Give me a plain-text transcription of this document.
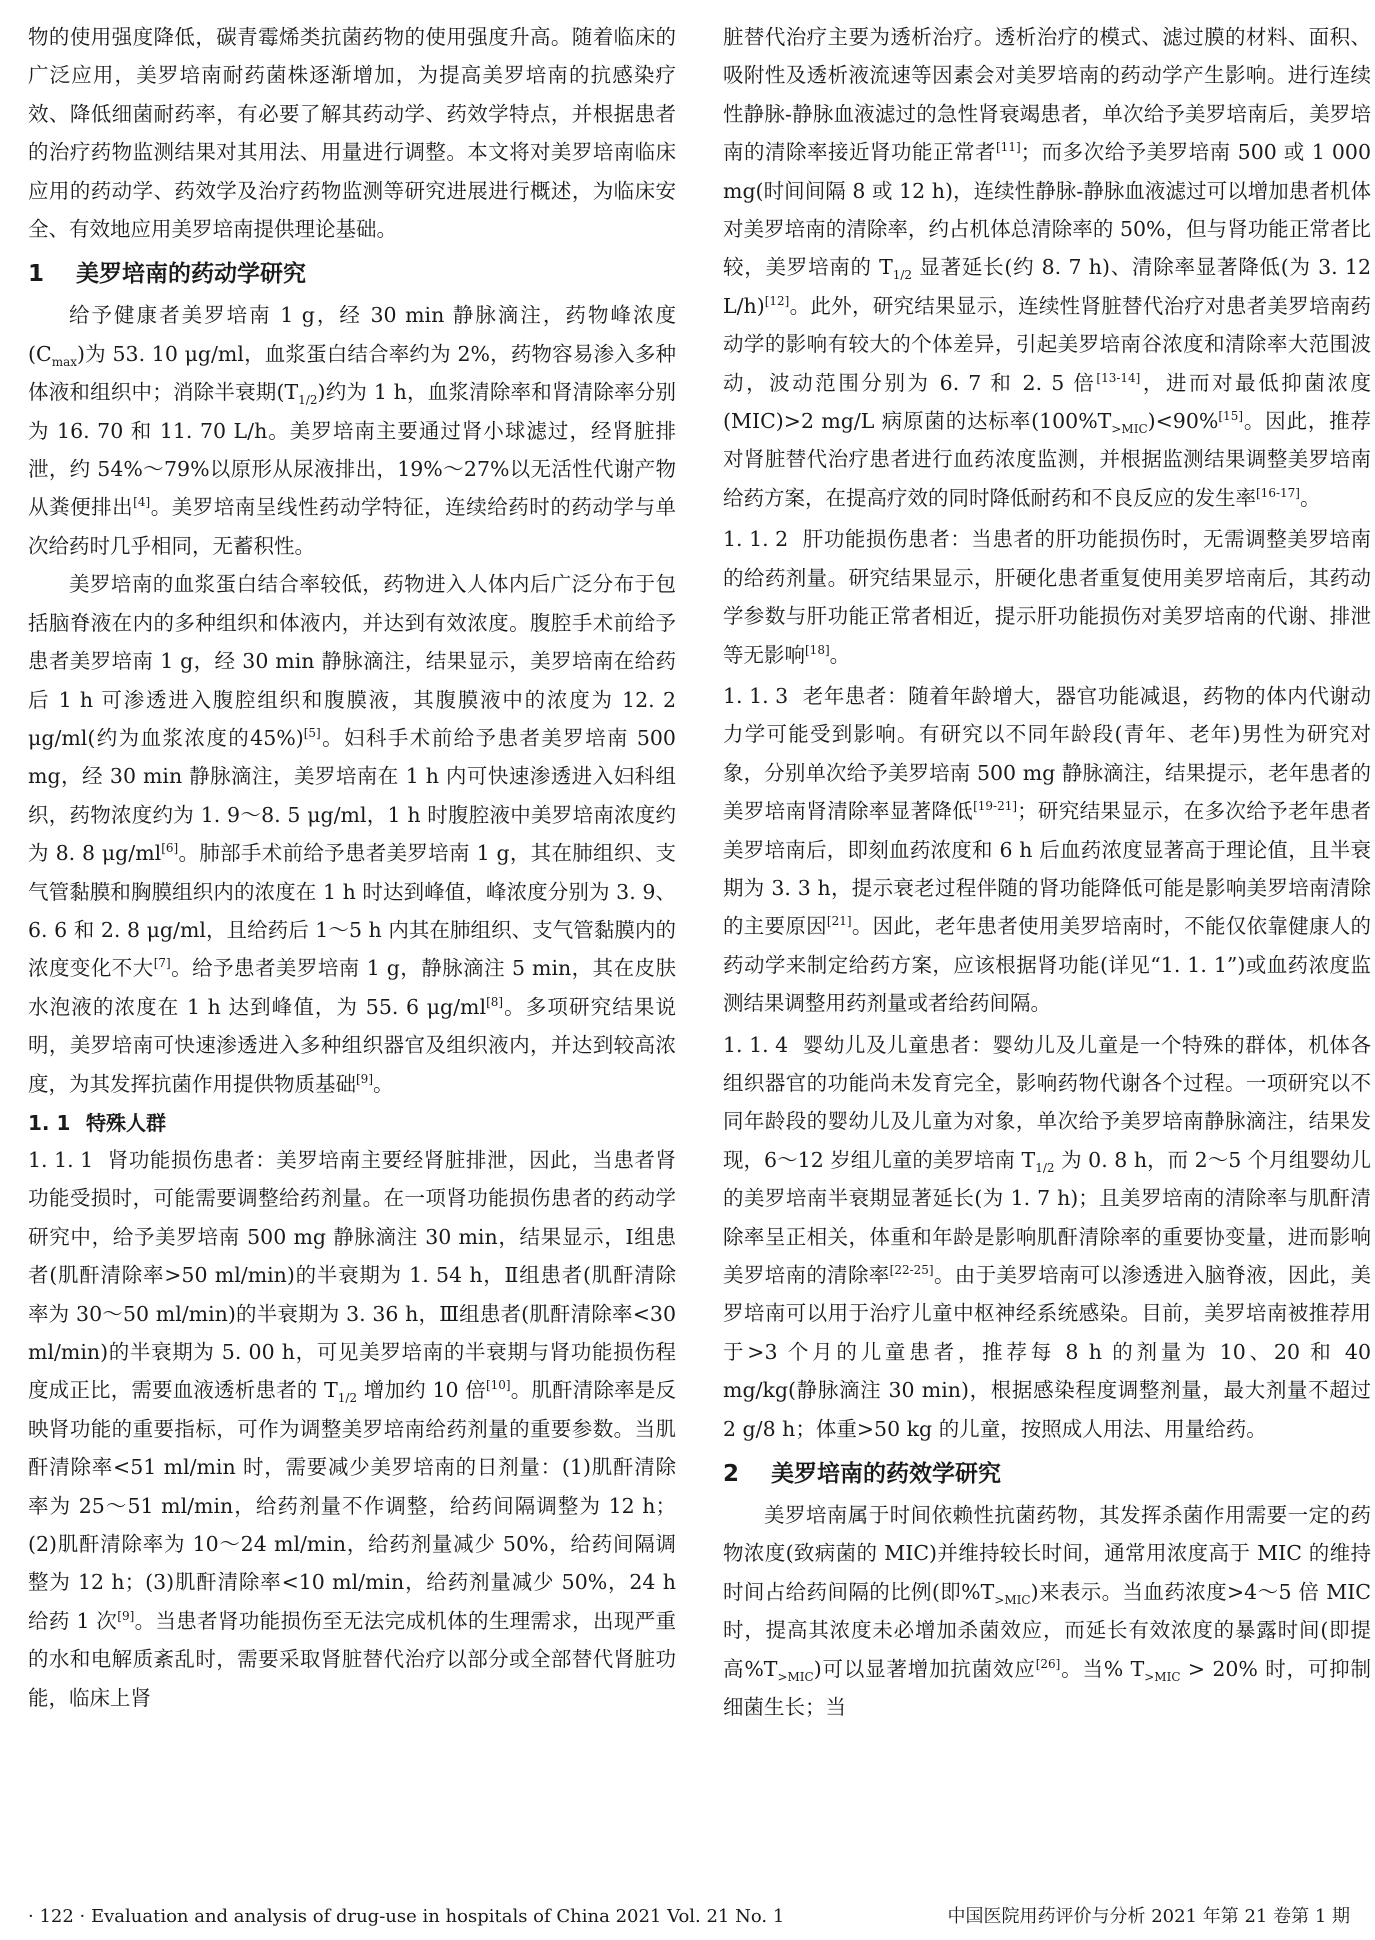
物的使用强度降低，碳青霉烯类抗菌药物的使用强度升高。随着临床的广泛应用，美罗培南耐药菌株逐渐增加，为提高美罗培南的抗感染疗效、降低细菌耐药率，有必要了解其药动学、药效学特点，并根据患者的治疗药物监测结果对其用法、用量进行调整。本文将对美罗培南临床应用的药动学、药效学及治疗药物监测等研究进展进行概述，为临床安全、有效地应用美罗培南提供理论基础。

1 美罗培南的药动学研究

给予健康者美罗培南 1 g，经 30 min 静脉滴注，药物峰浓度$(C_{max})$为 53. 10 μg/ml，血浆蛋白结合率约为 2%，药物容易渗入多种体液和组织中；消除半衰期$(T_{1/2})$约为 1 h，血浆清除率和肾清除率分别为 16. 70 和 11. 70 L/h。美罗培南主要通过肾小球滤过，经肾脏排泄，约 54%～79%以原形从尿液排出，19%～27%以无活性代谢产物从粪便排出[4]。美罗培南呈线性药动学特征，连续给药时的药动学与单次给药时几乎相同，无蓄积性。

美罗培南的血浆蛋白结合率较低，药物进入人体内后广泛分布于包括脑脊液在内的多种组织和体液内，并达到有效浓度。腹腔手术前给予患者美罗培南 1 g，经 30 min 静脉滴注，结果显示，美罗培南在给药后 1 h 可渗透进入腹腔组织和腹膜液，其腹膜液中的浓度为 12. 2 μg/ml(约为血浆浓度的45%)[5]。妇科手术前给予患者美罗培南 500 mg，经 30 min 静脉滴注，美罗培南在 1 h 内可快速渗透进入妇科组织，药物浓度约为 1. 9～8. 5 μg/ml，1 h 时腹腔液中美罗培南浓度约为 8. 8 μg/ml[6]。肺部手术前给予患者美罗培南 1 g，其在肺组织、支气管黏膜和胸膜组织内的浓度在 1 h 时达到峰值，峰浓度分别为 3. 9、6. 6 和 2. 8 μg/ml，且给药后 1～5 h 内其在肺组织、支气管黏膜内的浓度变化不大[7]。给予患者美罗培南 1 g，静脉滴注 5 min，其在皮肤水泡液的浓度在 1 h 达到峰值，为 55. 6 μg/ml[8]。多项研究结果说明，美罗培南可快速渗透进入多种组织器官及组织液内，并达到较高浓度，为其发挥抗菌作用提供物质基础[9]。

1. 1 特殊人群

1. 1. 1 肾功能损伤患者：美罗培南主要经肾脏排泄，因此，当患者肾功能受损时，可能需要调整给药剂量。在一项肾功能损伤患者的药动学研究中，给予美罗培南 500 mg 静脉滴注 30 min，结果显示，Ⅰ组患者(肌酐清除率>50 ml/min)的半衰期为 1. 54 h，Ⅱ组患者(肌酐清除率为 30～50 ml/min)的半衰期为 3. 36 h，Ⅲ组患者(肌酐清除率<30 ml/min)的半衰期为 5. 00 h，可见美罗培南的半衰期与肾功能损伤程度成正比，需要血液透析患者的 $T_{1/2}$ 增加约 10 倍[10]。肌酐清除率是反映肾功能的重要指标，可作为调整美罗培南给药剂量的重要参数。当肌酐清除率<51 ml/min 时，需要减少美罗培南的日剂量：(1)肌酐清除率为 25～51 ml/min，给药剂量不作调整，给药间隔调整为 12 h；(2)肌酐清除率为 10～24 ml/min，给药剂量减少 50%，给药间隔调整为 12 h；(3)肌酐清除率<10 ml/min，给药剂量减少 50%，24 h 给药 1 次[9]。当患者肾功能损伤至无法完成机体的生理需求，出现严重的水和电解质紊乱时，需要采取肾脏替代治疗以部分或全部替代肾脏功能，临床上肾

脏替代治疗主要为透析治疗。透析治疗的模式、滤过膜的材料、面积、吸附性及透析液流速等因素会对美罗培南的药动学产生影响。进行连续性静脉-静脉血液滤过的急性肾衰竭患者，单次给予美罗培南后，美罗培南的清除率接近肾功能正常者[11]；而多次给予美罗培南 500 或 1 000 mg(时间间隔 8 或 12 h)，连续性静脉-静脉血液滤过可以增加患者机体对美罗培南的清除率，约占机体总清除率的 50%，但与肾功能正常者比较，美罗培南的 $T_{1/2}$ 显著延长(约 8. 7 h)、清除率显著降低(为 3. 12 L/h)[12]。此外，研究结果显示，连续性肾脏替代治疗对患者美罗培南药动学的影响有较大的个体差异，引起美罗培南谷浓度和清除率大范围波动，波动范围分别为 6. 7 和 2. 5 倍[13-14]，进而对最低抑菌浓度(MIC)>2 mg/L 病原菌的达标率$(100\%T_{>MIC})<90\%[15]$。因此，推荐对肾脏替代治疗患者进行血药浓度监测，并根据监测结果调整美罗培南给药方案，在提高疗效的同时降低耐药和不良反应的发生率[16-17]。

1. 1. 2 肝功能损伤患者：当患者的肝功能损伤时，无需调整美罗培南的给药剂量。研究结果显示，肝硬化患者重复使用美罗培南后，其药动学参数与肝功能正常者相近，提示肝功能损伤对美罗培南的代谢、排泄等无影响[18]。

1. 1. 3 老年患者：随着年龄增大，器官功能减退，药物的体内代谢动力学可能受到影响。有研究以不同年龄段(青年、老年)男性为研究对象，分别单次给予美罗培南 500 mg 静脉滴注，结果提示，老年患者的美罗培南肾清除率显著降低[19-21]；研究结果显示，在多次给予老年患者美罗培南后，即刻血药浓度和 6 h 后血药浓度显著高于理论值，且半衰期为 3. 3 h，提示衰老过程伴随的肾功能降低可能是影响美罗培南清除的主要原因[21]。因此，老年患者使用美罗培南时，不能仅依靠健康人的药动学来制定给药方案，应该根据肾功能(详见“1. 1. 1”)或血药浓度监测结果调整用药剂量或者给药间隔。

1. 1. 4 婴幼儿及儿童患者：婴幼儿及儿童是一个特殊的群体，机体各组织器官的功能尚未发育完全，影响药物代谢各个过程。一项研究以不同年龄段的婴幼儿及儿童为对象，单次给予美罗培南静脉滴注，结果发现，6～12 岁组儿童的美罗培南 $T_{1/2}$ 为 0. 8 h，而 2～5 个月组婴幼儿的美罗培南半衰期显著延长(为 1. 7 h)；且美罗培南的清除率与肌酐清除率呈正相关，体重和年龄是影响肌酐清除率的重要协变量，进而影响美罗培南的清除率[22-25]。由于美罗培南可以渗透进入脑脊液，因此，美罗培南可以用于治疗儿童中枢神经系统感染。目前，美罗培南被推荐用于>3 个月的儿童患者，推荐每 8 h 的剂量为 10、20 和 40 mg/kg(静脉滴注 30 min)，根据感染程度调整剂量，最大剂量不超过 2 g/8 h；体重>50 kg 的儿童，按照成人用法、用量给药。

2 美罗培南的药效学研究

美罗培南属于时间依赖性抗菌药物，其发挥杀菌作用需要一定的药物浓度(致病菌的 MIC)并维持较长时间，通常用浓度高于 MIC 的维持时间占给药间隔的比例(即$\%T_{>MIC}$)来表示。当血药浓度>4～5 倍 MIC 时，提高其浓度未必增加杀菌效应，而延长有效浓度的暴露时间(即提高$\%T_{>MIC}$)可以显著增加抗菌效应[26]。当% $T_{>MIC} > 20\%$ 时，可抑制细菌生长；当

· 122 · Evaluation and analysis of drug-use in hospitals of China 2021 Vol. 21 No. 1	中国医院用药评价与分析 2021 年第 21 卷第 1 期
